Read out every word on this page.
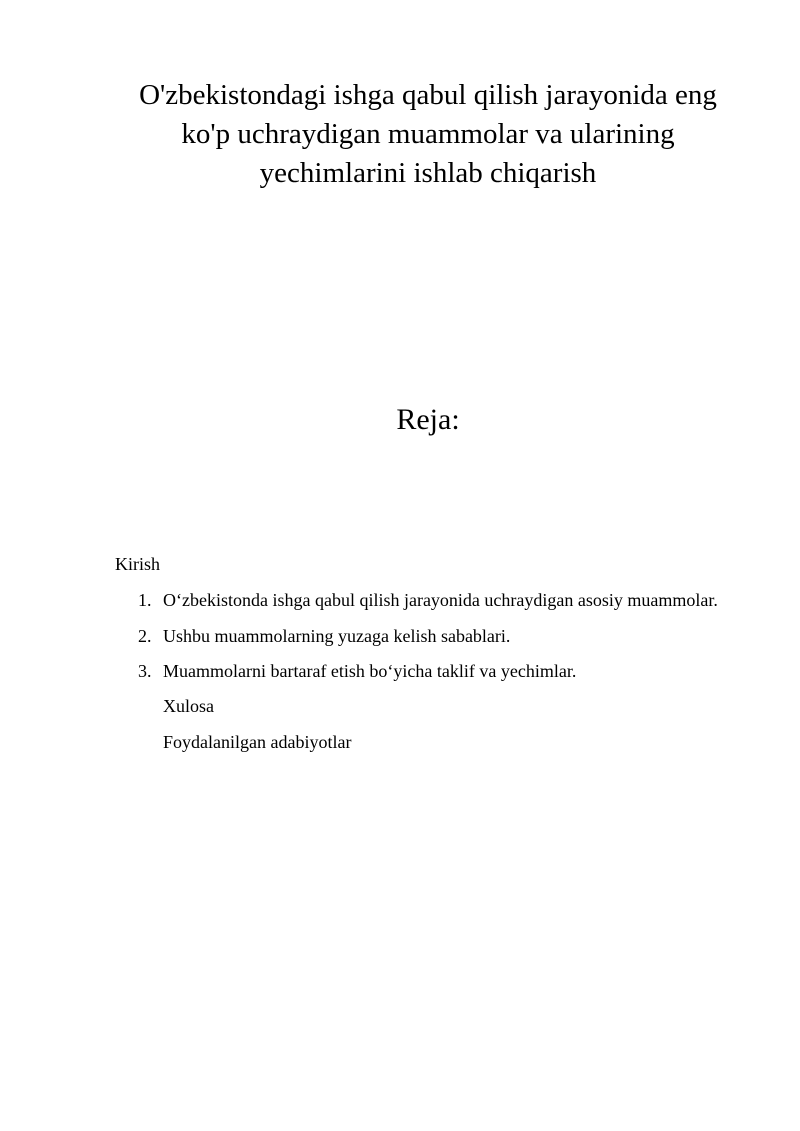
O'zbekistondagi ishga qabul qilish jarayonida eng
ko'p uchraydigan muammolar va ularining
yechimlarini ishlab chiqarish
Reja:
Kirish
1. O‘zbekistonda ishga qabul qilish jarayonida uchraydigan asosiy muammolar.
2. Ushbu muammolarning yuzaga kelish sabablari.
3. Muammolarni bartaraf etish bo‘yicha taklif va yechimlar.
Xulosa
Foydalanilgan adabiyotlar
